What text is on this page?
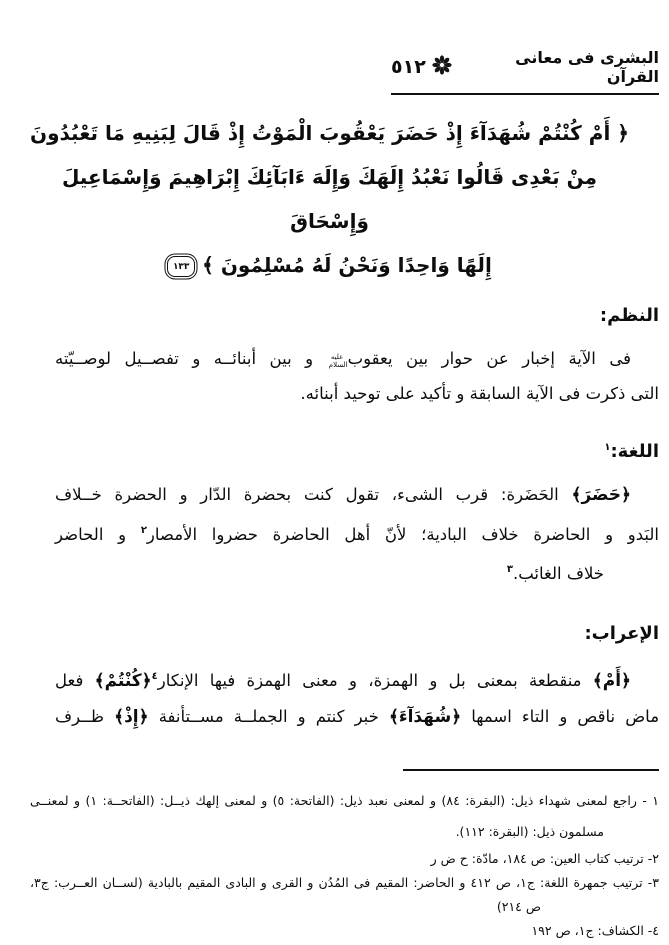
البشرى فى معانى القرآن
٥١٢
﴿ أَمْ كُنْتُمْ شُهَدَآءَ إِذْ حَضَرَ يَعْقُوبَ الْمَوْتُ إِذْ قَالَ لِبَنِيهِ مَا تَعْبُدُونَ
مِنْ بَعْدِى قَالُوا نَعْبُدُ إِلَهَكَ وَإِلَهَ ءَابَآئِكَ إِبْرَاهِيمَ وَإِسْمَاعِيلَ وَإِسْحَاقَ
إِلَهًا وَاحِدًا وَنَحْنُ لَهُ مُسْلِمُونَ ﴾١٣٣
النظم:
فى الآية إخبار عن حوار بين يعقوبعليه السلام و بين أبنائــه و تفصــيل لوصــيّته
التى ذكرت فى الآية السابقة و تأكيد على توحيد أبنائه.
اللغة:$^١$
﴿حَضَرَ﴾ الحَضَرة: قرب الشىء، تقول كنت بحضرة الدّار و الحضرة خــلاف
البَدو و الحاضرة خلاف البادية؛ لأنّ أهل الحاضرة حضروا الأمصار$^٢$ و الحاضر
خلاف الغائب.$^٣$
الإعراب:
﴿أَمْ﴾ منقطعة بمعنى بل و الهمزة، و معنى الهمزة فيها الإنكار$^٤$﴿كُنْتُمْ﴾ فعل
ماض ناقص و التاء اسمها ﴿شُهَدَآءَ﴾ خبر كنتم و الجملــة مســتأنفة ﴿إِذْ﴾ ظــرف
١ - راجع لمعنى شهداء ذيل: (البقرة: ٨٤) و لمعنى نعبد ذيل: (الفاتحة: ٥) و لمعنى إلهك ذيــل: (الفاتحــة: ١) و لمعنــى
مسلمون ذيل: (البقرة: ١١٢).
٢- ترتيب كتاب العين: ص ١٨٤، مادّة: ح ض ر
٣- ترتيب جمهرة اللغة: ج١، ص ٤١٢ و الحاضر: المقيم فى المُدُن و القرى و البادى المقيم بالبادية (لســان العــرب: ج٣،
ص ٢١٤)
٤- الكشاف: ج١، ص ١٩٢
